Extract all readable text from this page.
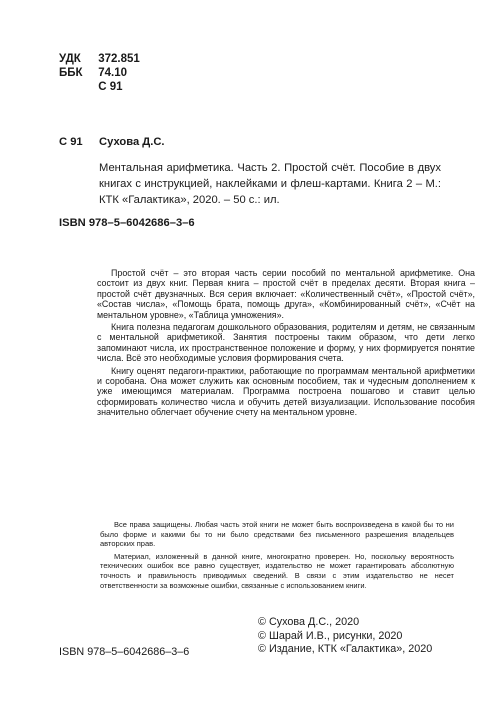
УДК 372.851
ББК 74.10
С 91
С 91 Сухова Д.С.
Ментальная арифметика. Часть 2. Простой счёт. Пособие в двух книгах с инструкцией, наклейками и флеш-картами. Книга 2 – М.: КТК «Галактика», 2020. – 50 с.: ил.
ISBN 978–5–6042686–3–6

Простой счёт – это вторая часть серии пособий по ментальной арифметике. Она состоит из двух книг. Первая книга – простой счёт в пределах десяти. Вторая книга – простой счёт двузначных. Вся серия включает: «Количественный счёт», «Простой счёт», «Состав числа», «Помощь брата, помощь друга», «Комбинированный счёт», «Счёт на ментальном уровне», «Таблица умножения».

Книга полезна педагогам дошкольного образования, родителям и детям, не связанным с ментальной арифметикой. Занятия построены таким образом, что дети легко запоминают числа, их пространственное положение и форму, у них формируется понятие числа. Всё это необходимые условия формирования счета.

Книгу оценят педагоги-практики, работающие по программам ментальной арифметики и соробана. Она может служить как основным пособием, так и чудесным дополнением к уже имеющимся материалам. Программа построена пошагово и ставит целью сформировать количество числа и обучить детей визуализации. Использование пособия значительно облегчает обучение счету на ментальном уровне.

Все права защищены. Любая часть этой книги не может быть воспроизведена в какой бы то ни было форме и какими бы то ни было средствами без письменного разрешения владельцев авторских прав.

Материал, изложенный в данной книге, многократно проверен. Но, поскольку вероятность технических ошибок все равно существует, издательство не может гарантировать абсолютную точность и правильность приводимых сведений. В связи с этим издательство не несет ответственности за возможные ошибки, связанные с использованием книги.

ISBN 978–5–6042686–3–6
© Сухова Д.С., 2020
© Шарай И.В., рисунки, 2020
© Издание, КТК «Галактика», 2020
